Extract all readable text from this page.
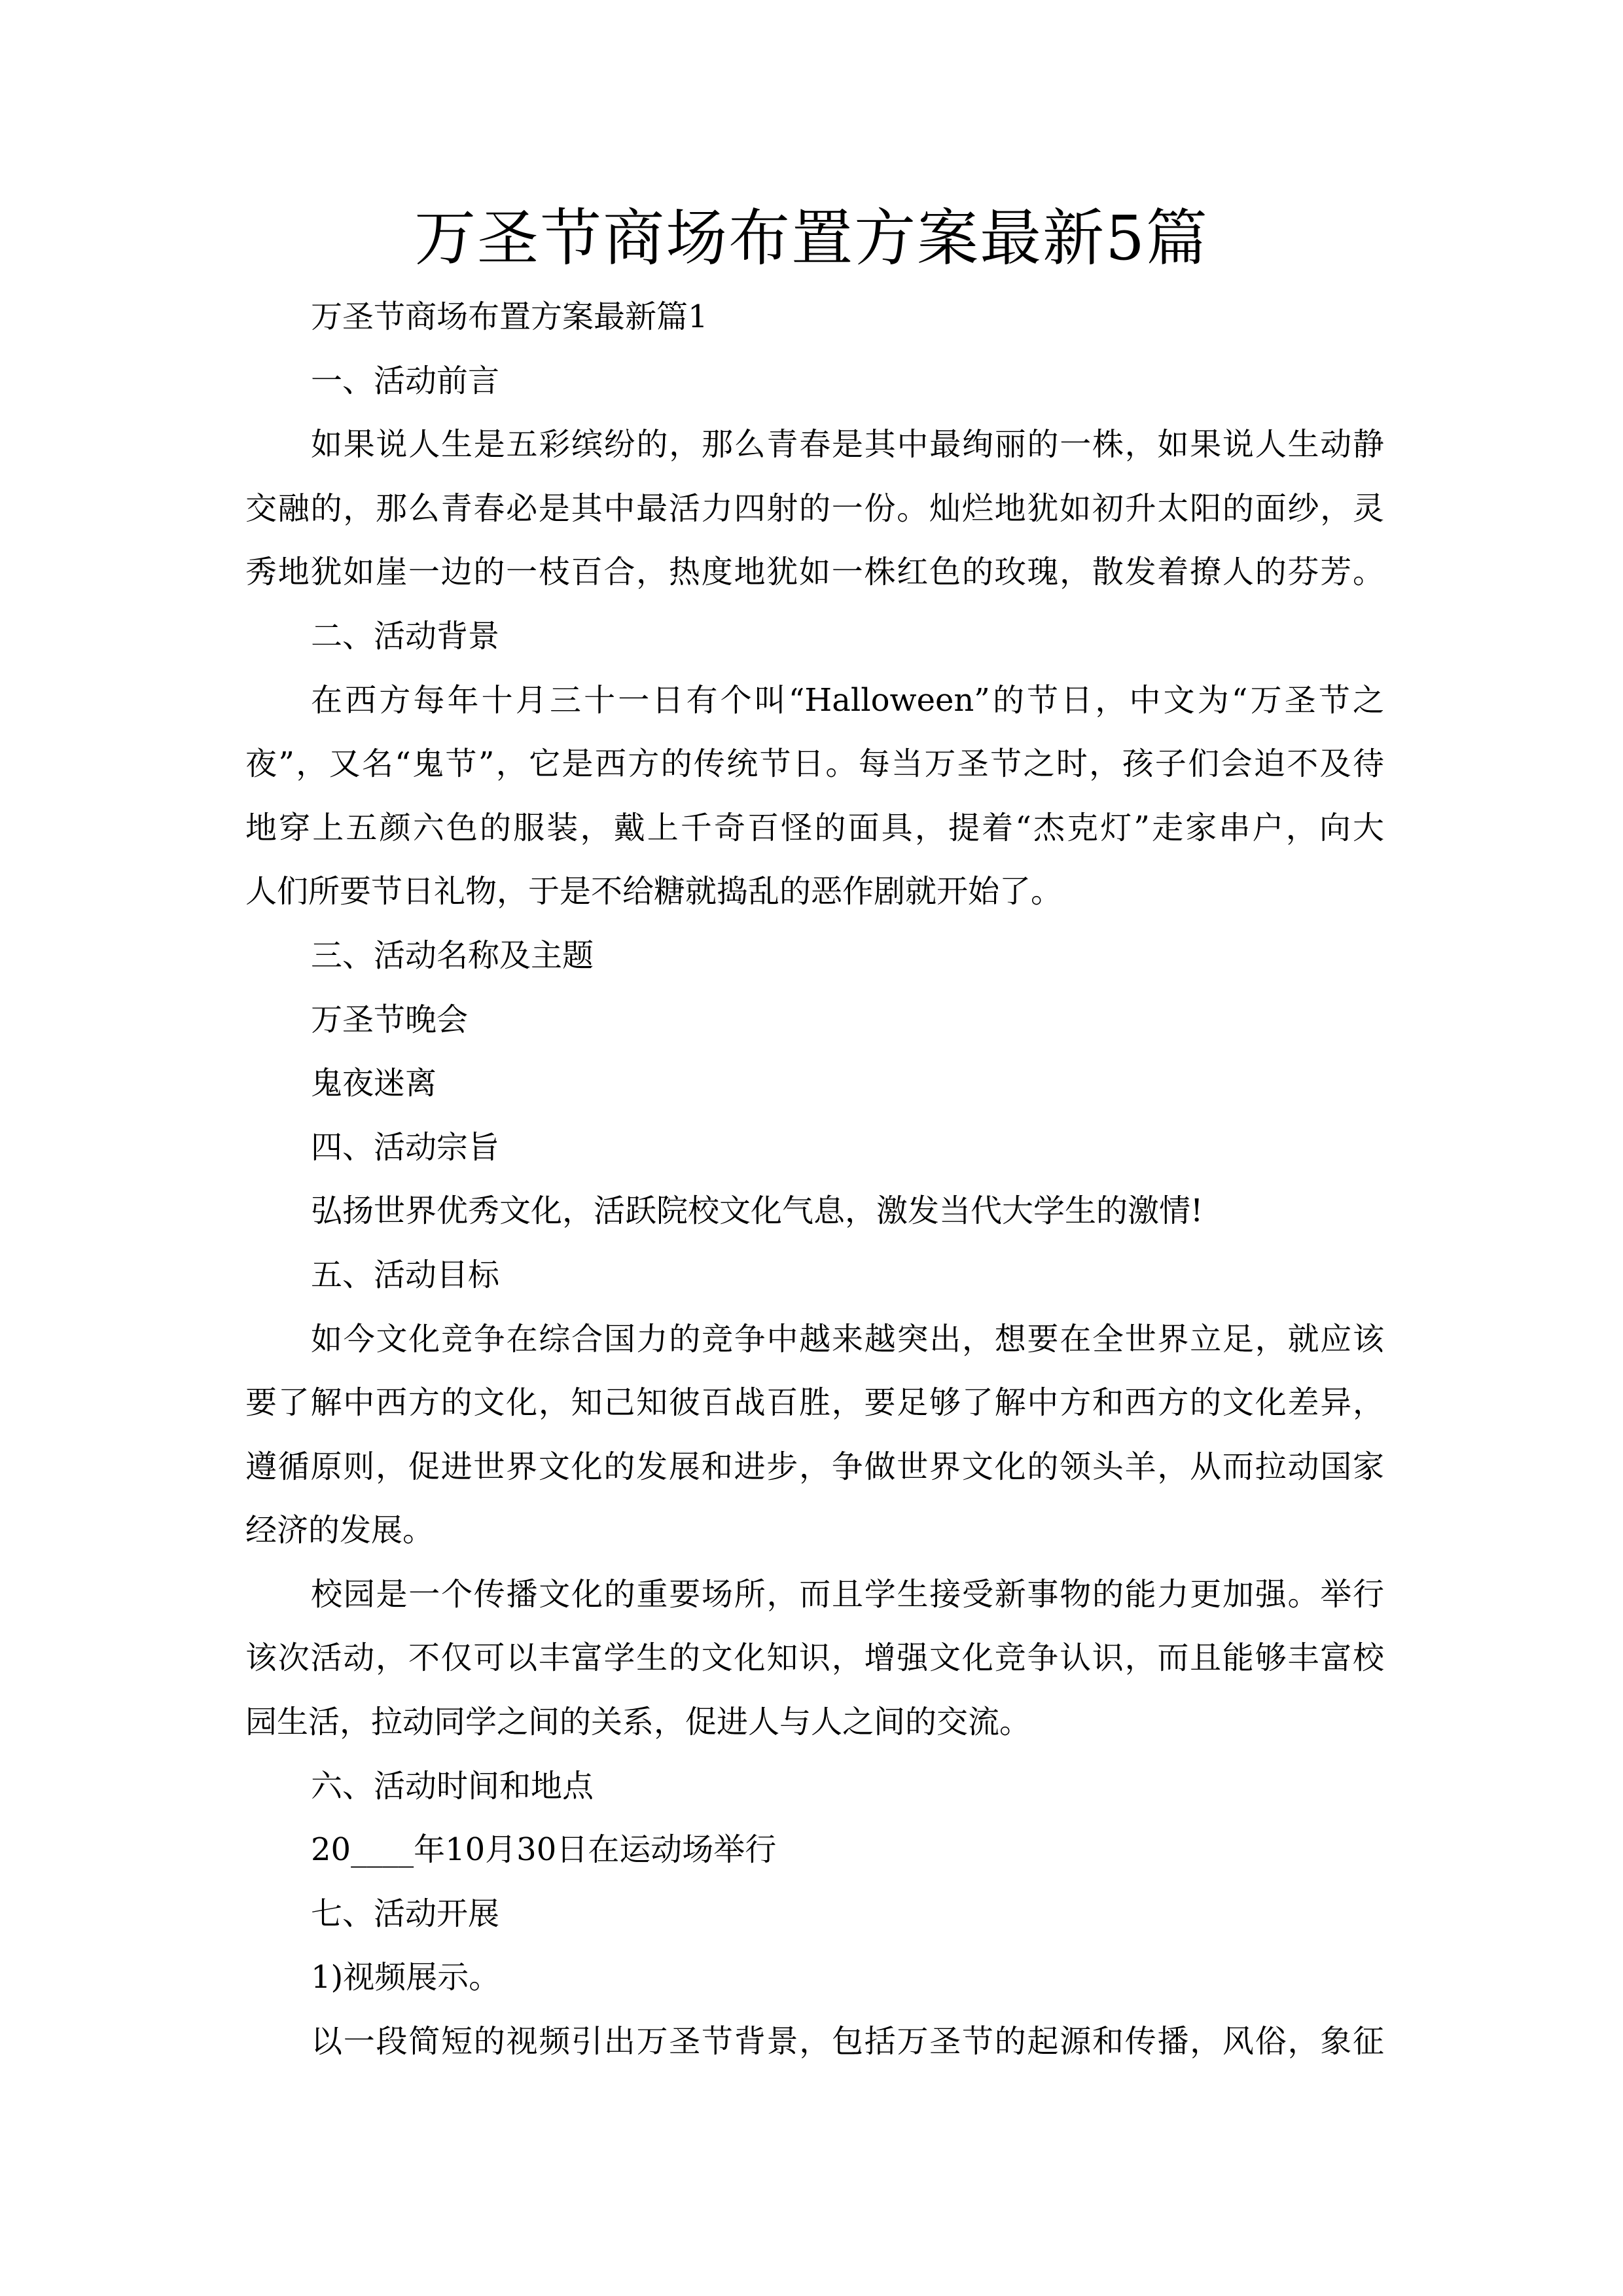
万圣节商场布置方案最新5篇
万圣节商场布置方案最新篇1
一、活动前言
如果说人生是五彩缤纷的，那么青春是其中最绚丽的一株，如果说人生动静
交融的，那么青春必是其中最活力四射的一份。灿烂地犹如初升太阳的面纱，灵
秀地犹如崖一边的一枝百合，热度地犹如一株红色的玫瑰，散发着撩人的芬芳。
二、活动背景
在西方每年十月三十一日有个叫“Halloween”的节日，中文为“万圣节之
夜”，又名“鬼节”，它是西方的传统节日。每当万圣节之时，孩子们会迫不及待
地穿上五颜六色的服装，戴上千奇百怪的面具，提着“杰克灯”走家串户，向大
人们所要节日礼物，于是不给糖就捣乱的恶作剧就开始了。
三、活动名称及主题
万圣节晚会
鬼夜迷离
四、活动宗旨
弘扬世界优秀文化，活跃院校文化气息，激发当代大学生的激情!
五、活动目标
如今文化竞争在综合国力的竞争中越来越突出，想要在全世界立足，就应该
要了解中西方的文化，知己知彼百战百胜，要足够了解中方和西方的文化差异，
遵循原则，促进世界文化的发展和进步，争做世界文化的领头羊，从而拉动国家
经济的发展。
校园是一个传播文化的重要场所，而且学生接受新事物的能力更加强。举行
该次活动，不仅可以丰富学生的文化知识，增强文化竞争认识，而且能够丰富校
园生活，拉动同学之间的关系，促进人与人之间的交流。
六、活动时间和地点
20____年10月30日在运动场举行
七、活动开展
1)视频展示。
以一段简短的视频引出万圣节背景，包括万圣节的起源和传播，风俗，象征
